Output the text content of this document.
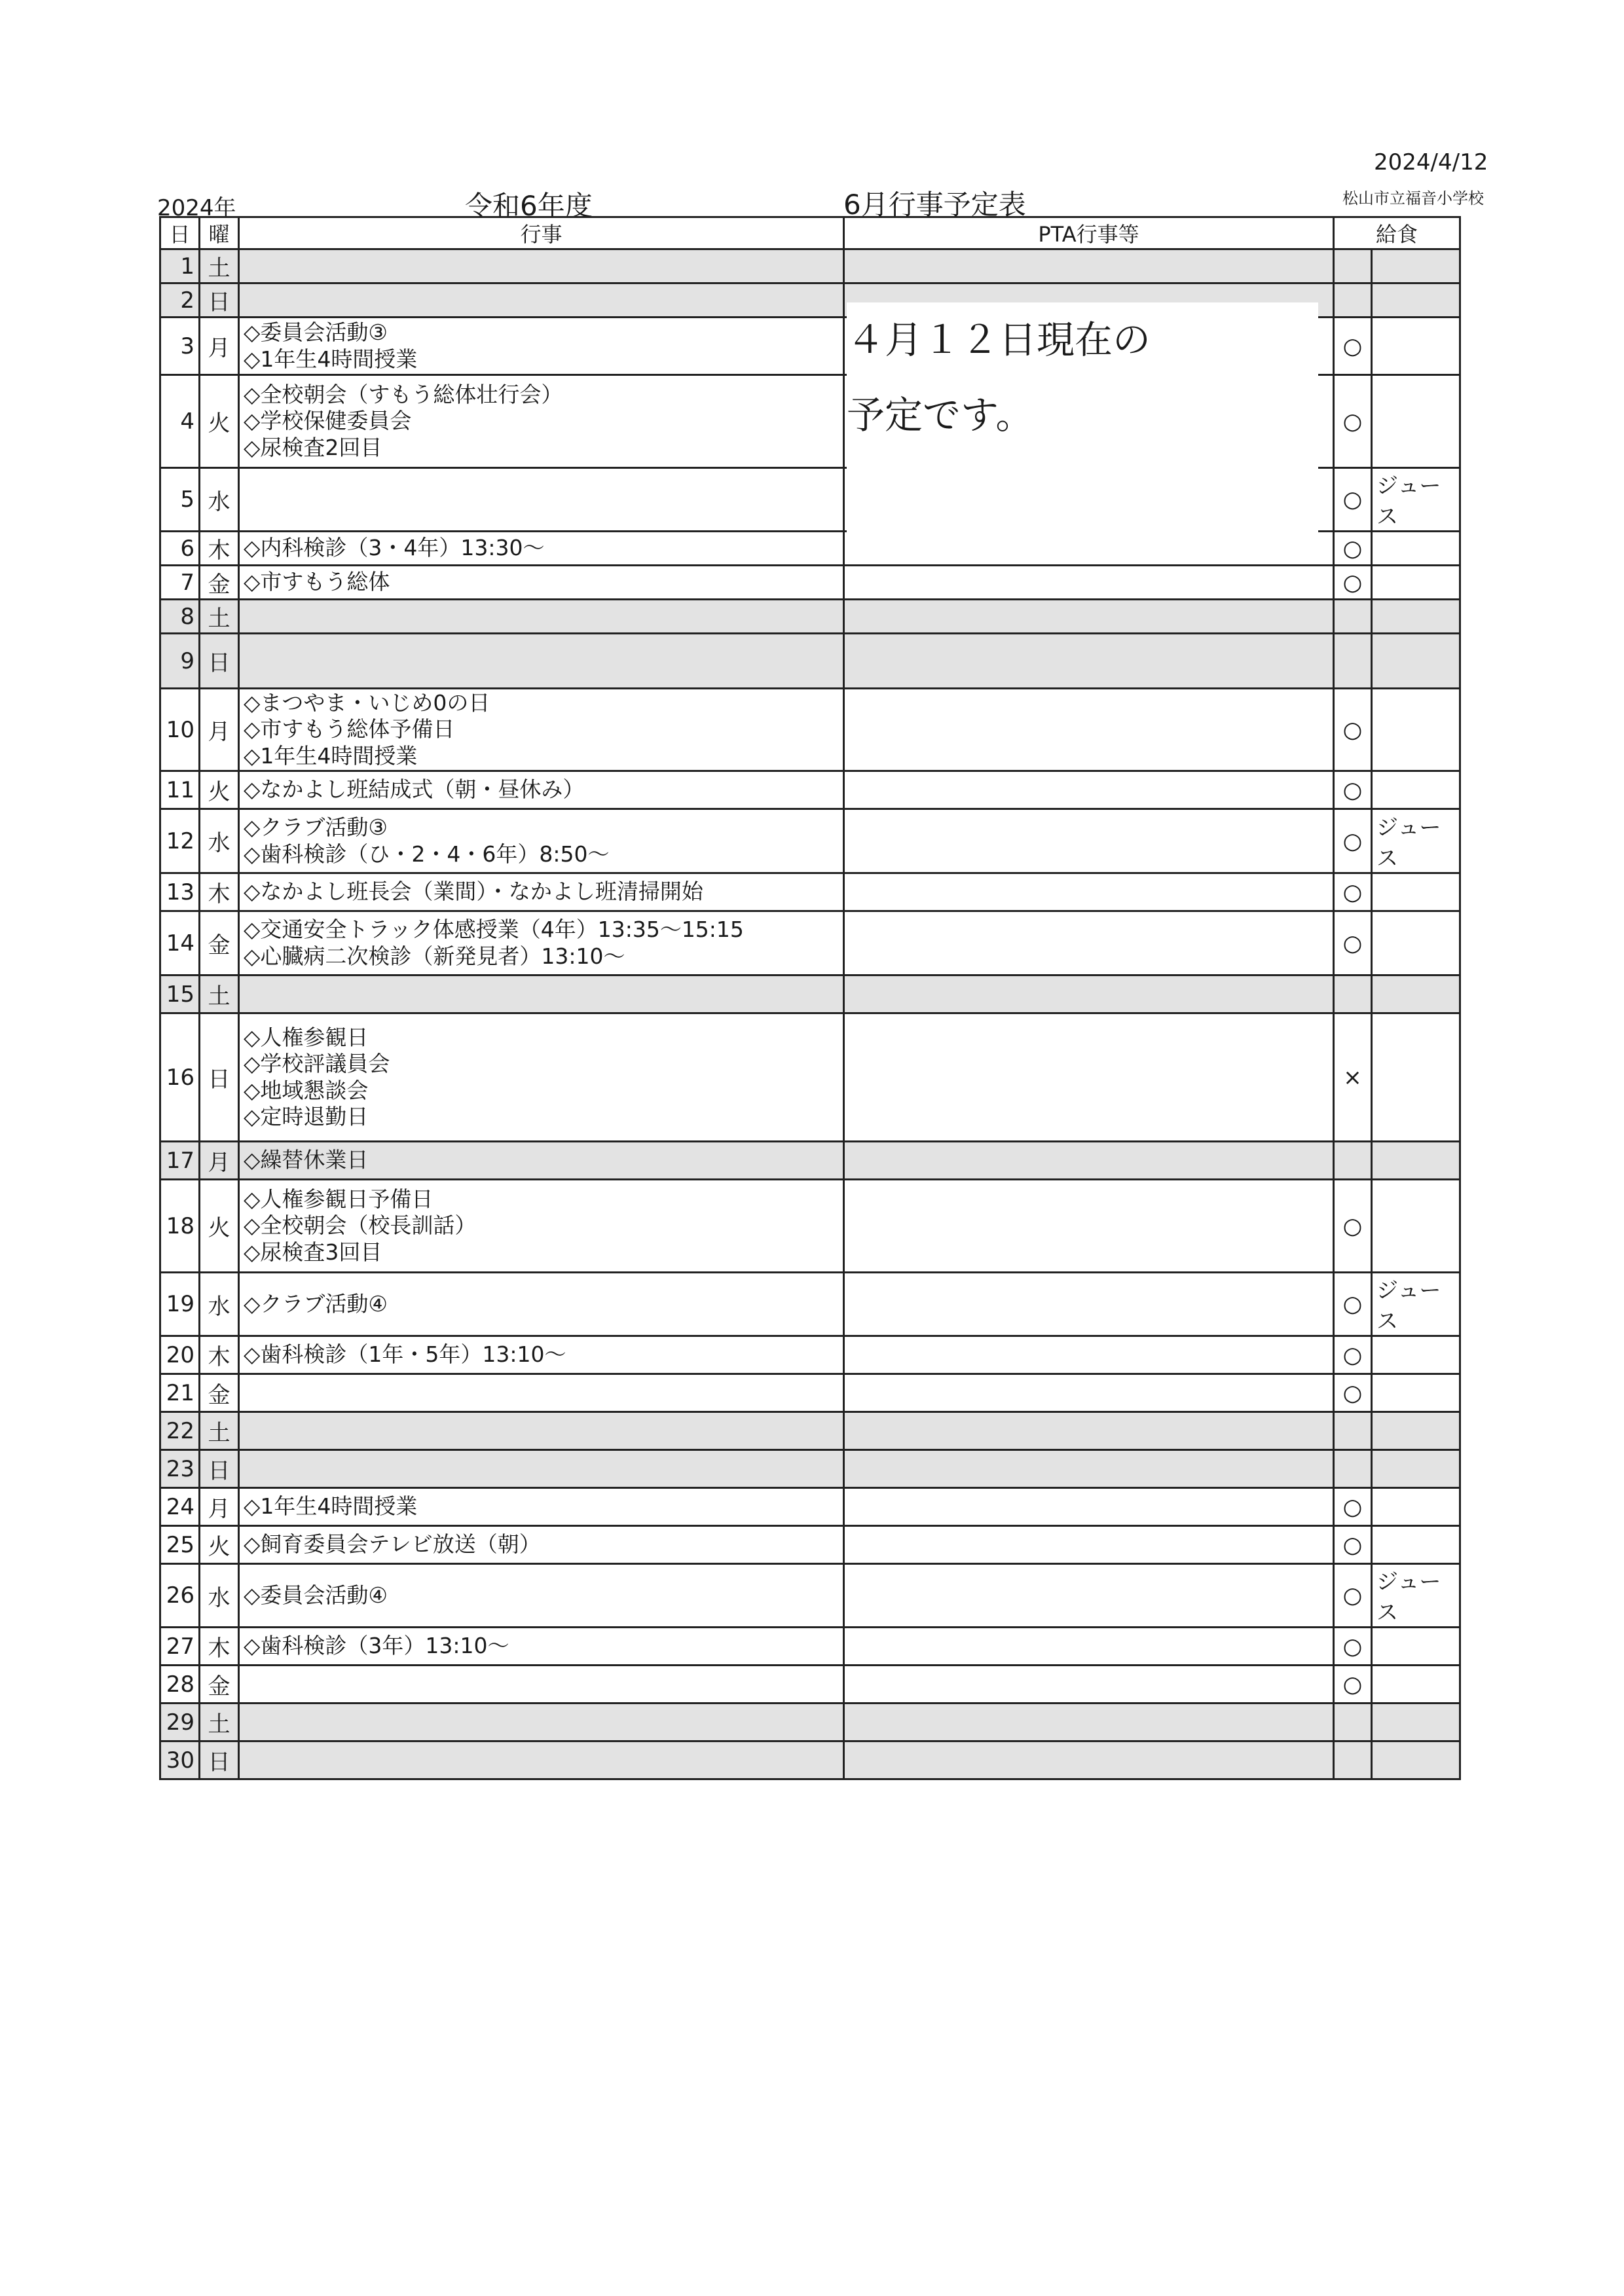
2024/4/12
2024年	令和6年度	6月行事予定表	松山市立福音小学校
日	曜	行事	PTA行事等	給食	
1	土				
2	日				
3	月	◇委員会活動③
◇1年生4時間授業		○	
4	火	◇全校朝会（すもう総体壮行会）
◇学校保健委員会
◇尿検査2回目		○	
5	水			○	ジュース
6	木	◇内科検診（3・4年）13:30～		○	
7	金	◇市すもう総体		○	
8	土				
9	日				
10	月	◇まつやま・いじめ0の日
◇市すもう総体予備日
◇1年生4時間授業		○	
11	火	◇なかよし班結成式（朝・昼休み）		○	
12	水	◇クラブ活動③
◇歯科検診（ひ・2・4・6年）8:50～		○	ジュース
13	木	◇なかよし班長会（業間）・なかよし班清掃開始		○	
14	金	◇交通安全トラック体感授業（4年）13:35～15:15
◇心臓病二次検診（新発見者）13:10～		○	
15	土				
16	日	◇人権参観日
◇学校評議員会
◇地域懇談会
◇定時退勤日		×	
17	月	◇繰替休業日			

18	火	◇人権参観日予備日
◇全校朝会（校長訓話）
◇尿検査3回目		○	
19	水	◇クラブ活動④		○	ジュース
20	木	◇歯科検診（1年・5年）13:10～		○	
21	金			○	
22	土				
23	日				
24	月	◇1年生4時間授業		○	
25	火	◇飼育委員会テレビ放送（朝）		○	
26	水	◇委員会活動④		○	ジュース
27	木	◇歯科検診（3年）13:10～		○	
28	金			○	
29	土				
30	日				
４月１２日現在の
予定です。
